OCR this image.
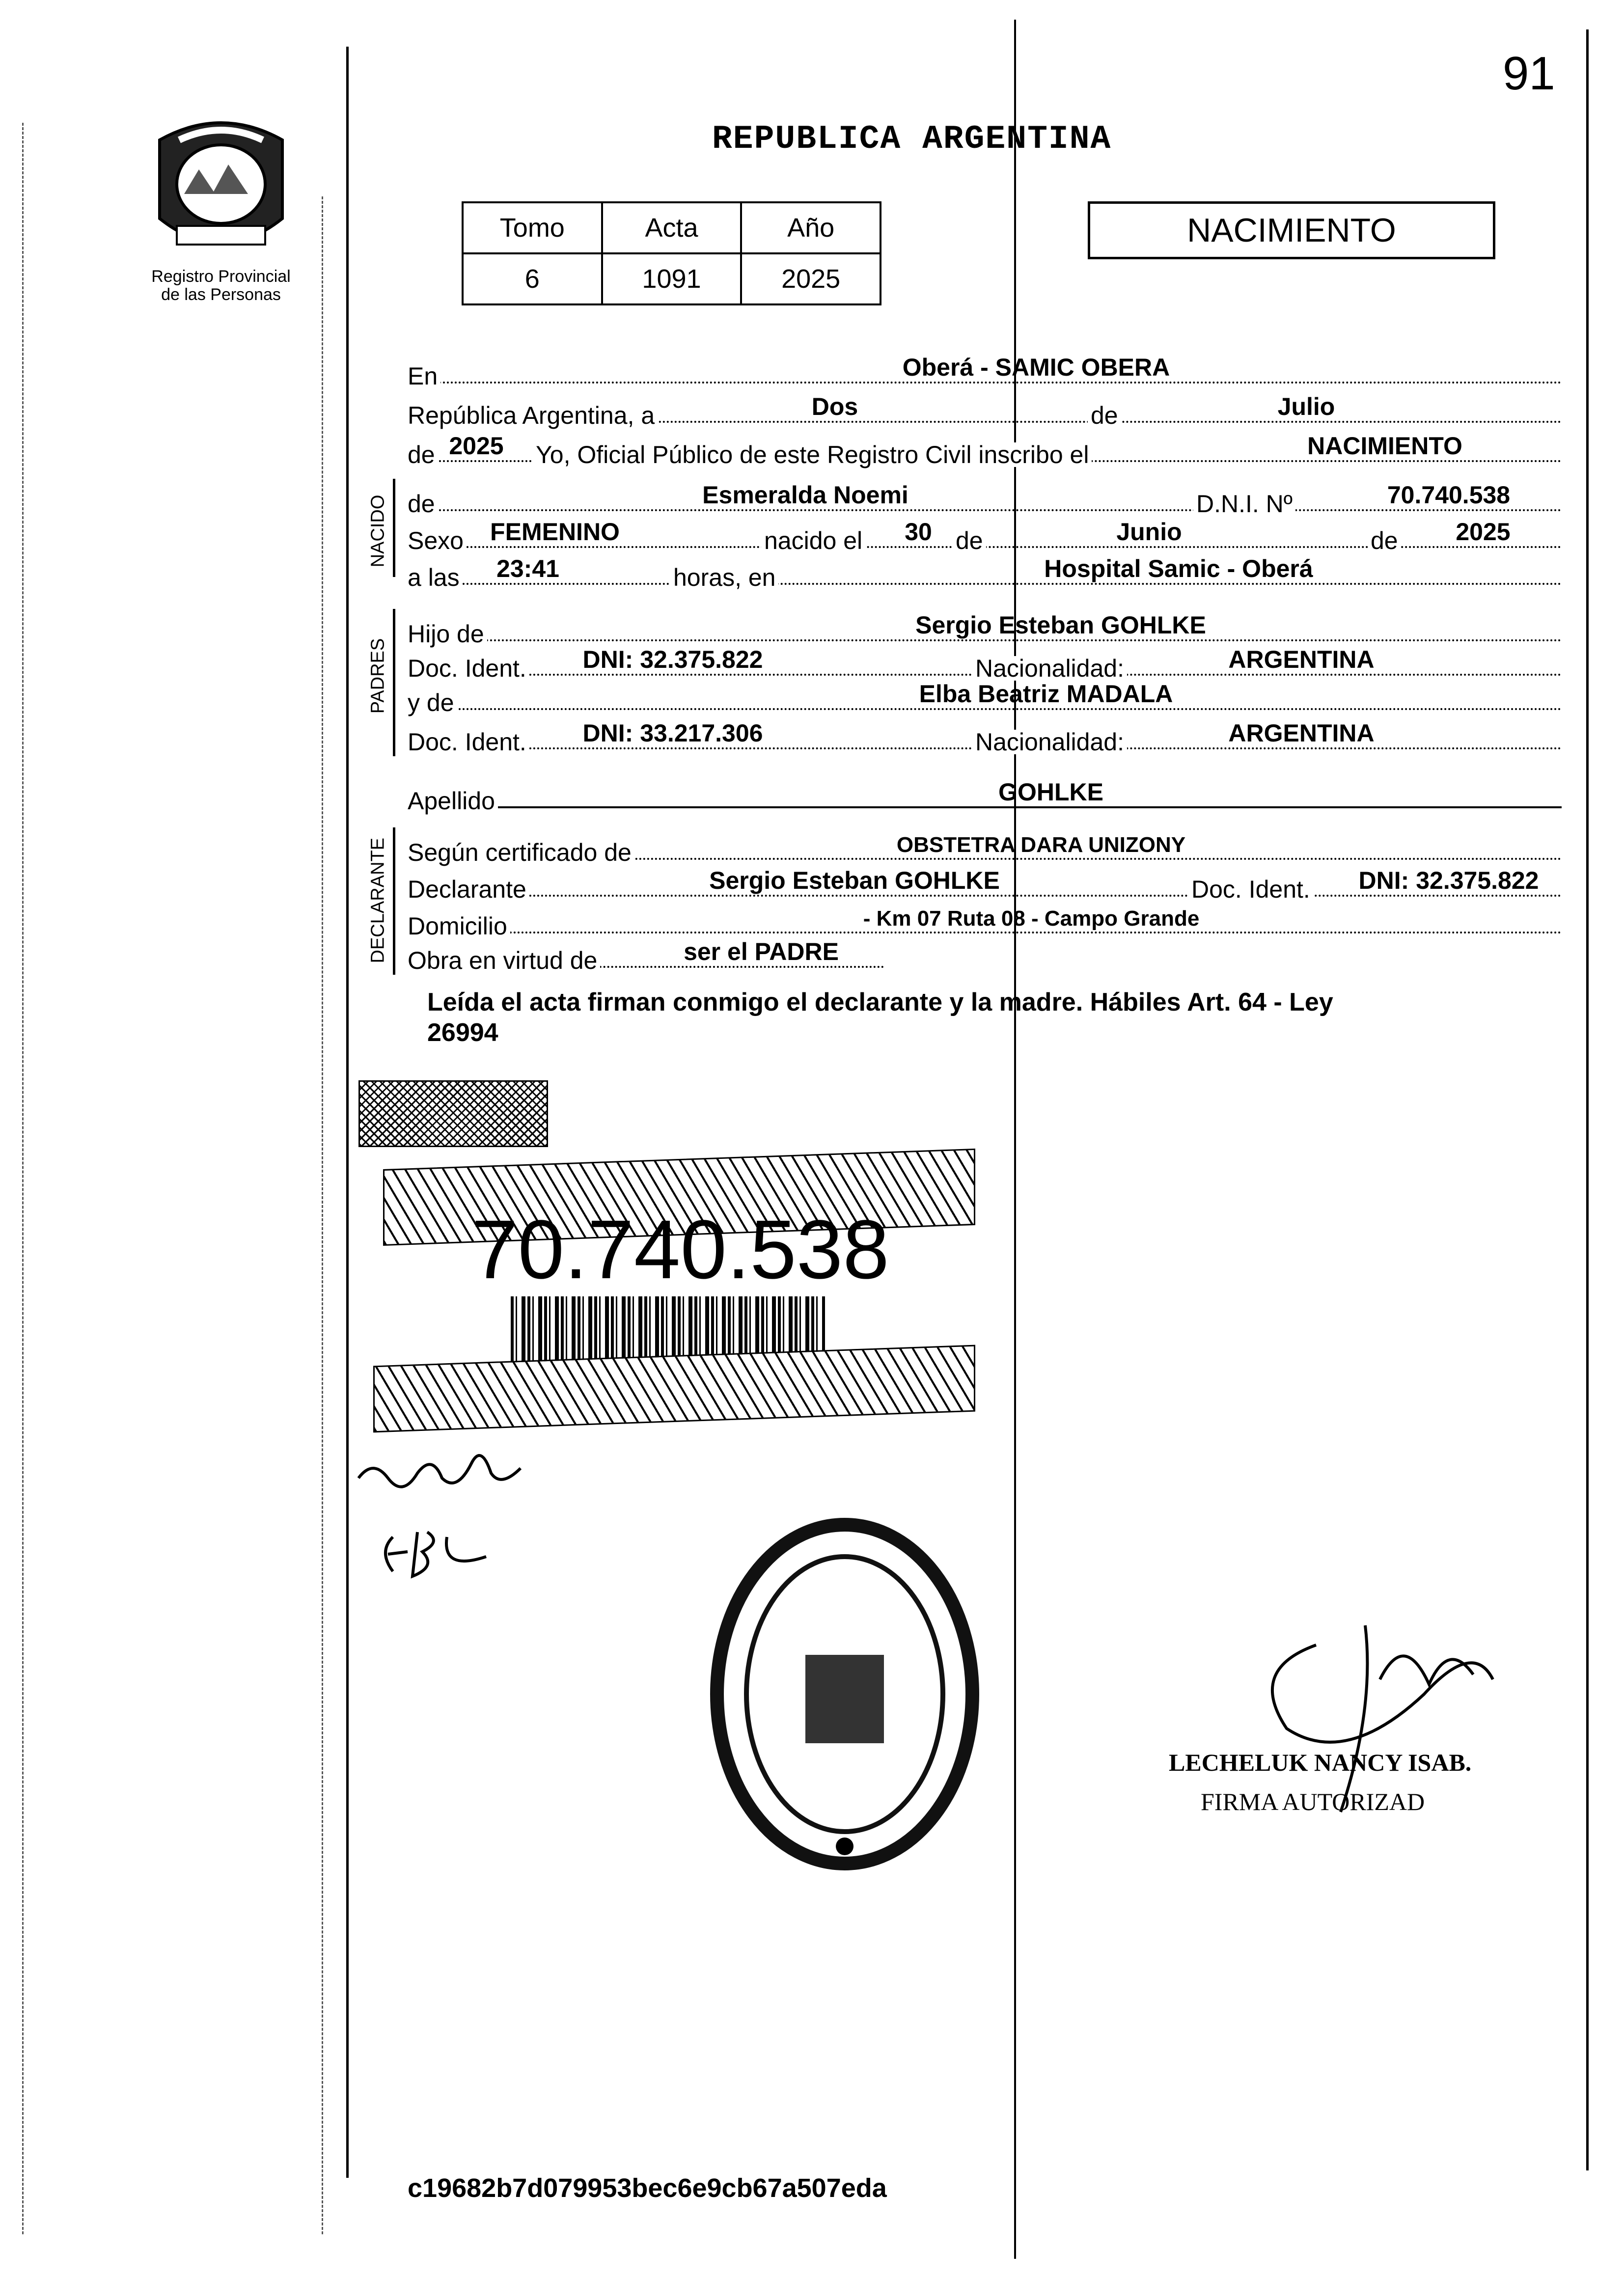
Registro Provincial
de las Personas
REPUBLICA ARGENTINA
91
Tomo	Acta	Año
6	1091	2025
NACIMIENTO
En	Oberá - SAMIC OBERA
República Argentina, a	Dos	de	Julio
de 2025	Yo, Oficial Público de este Registro Civil inscribo el	NACIMIENTO
NACIDO de	Esmeralda Noemi	D.N.I. Nº	70.740.538
Sexo	FEMENINO	nacido el 30 de	Junio	de	2025
a las 23:41	horas, en	Hospital Samic - Oberá
PADRES
Hijo de	Sergio Esteban GOHLKE
Doc. Ident.	DNI: 32.375.822	Nacionalidad:	ARGENTINA
y de	Elba Beatriz MADALA
Doc. Ident.	DNI: 33.217.306	Nacionalidad:	ARGENTINA
Apellido	GOHLKE
DECLARANTE Según certificado de	OBSTETRA DARA UNIZONY
Declarante	Sergio Esteban GOHLKE	Doc. Ident.	DNI: 32.375.822
Domicilio	- Km 07 Ruta 08 - Campo Grande
Obra en virtud de	ser el PADRE
Leída el acta firman conmigo el declarante y la madre. Hábiles Art. 64 - Ley
26994
70.740.538
LECHELUK NANCY ISAB.
FIRMA AUTORIZAD
c19682b7d079953bec6e9cb67a507eda
